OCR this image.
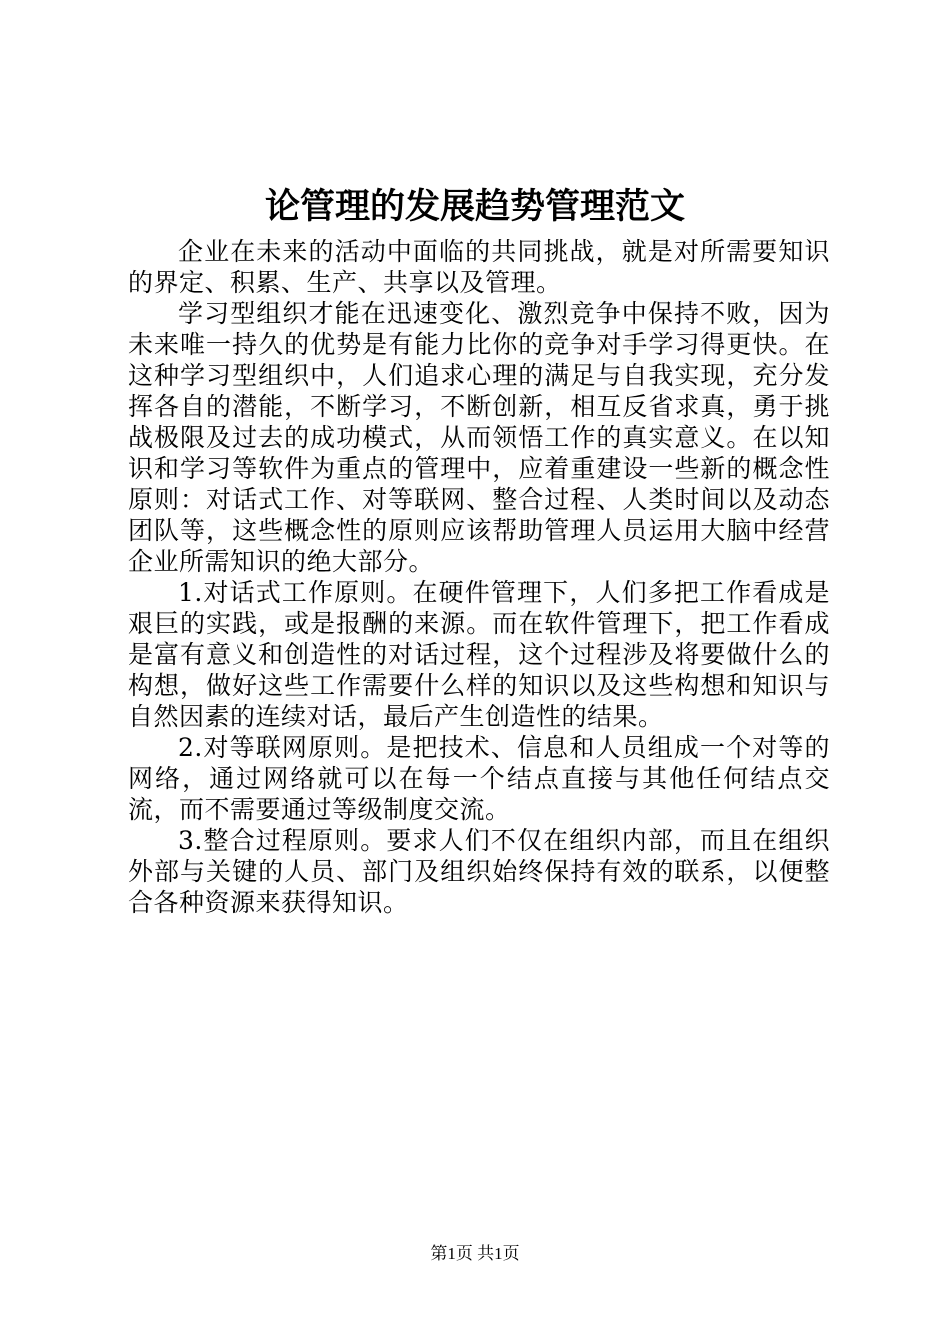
论管理的发展趋势管理范文

企业在未来的活动中面临的共同挑战，就是对所需要知识的界定、积累、生产、共享以及管理。

学习型组织才能在迅速变化、激烈竞争中保持不败，因为未来唯一持久的优势是有能力比你的竞争对手学习得更快。在这种学习型组织中，人们追求心理的满足与自我实现，充分发挥各自的潜能，不断学习，不断创新，相互反省求真，勇于挑战极限及过去的成功模式，从而领悟工作的真实意义。在以知识和学习等软件为重点的管理中，应着重建设一些新的概念性原则：对话式工作、对等联网、整合过程、人类时间以及动态团队等，这些概念性的原则应该帮助管理人员运用大脑中经营企业所需知识的绝大部分。

1.对话式工作原则。在硬件管理下，人们多把工作看成是艰巨的实践，或是报酬的来源。而在软件管理下，把工作看成是富有意义和创造性的对话过程，这个过程涉及将要做什么的构想，做好这些工作需要什么样的知识以及这些构想和知识与自然因素的连续对话，最后产生创造性的结果。

2.对等联网原则。是把技术、信息和人员组成一个对等的网络，通过网络就可以在每一个结点直接与其他任何结点交流，而不需要通过等级制度交流。

3.整合过程原则。要求人们不仅在组织内部，而且在组织外部与关键的人员、部门及组织始终保持有效的联系，以便整合各种资源来获得知识。

第1页 共1页
